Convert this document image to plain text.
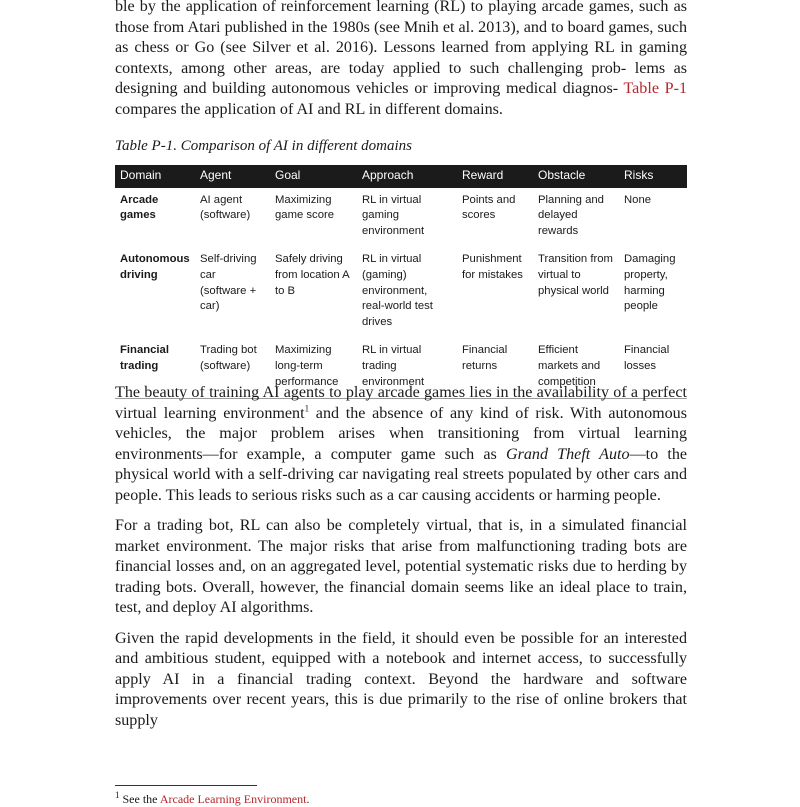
ble by the application of reinforcement learning (RL) to playing arcade games, such as those from Atari published in the 1980s (see Mnih et al. 2013), and to board games, such as chess or Go (see Silver et al. 2016). Lessons learned from applying RL in gaming contexts, among other areas, are today applied to such challenging prob- lems as designing and building autonomous vehicles or improving medical diagnos- Table P-1 compares the application of AI and RL in different domains.

Table P-1. Comparison of AI in different domains
Domain	Agent	Goal	Approach	Reward	Obstacle	Risks
Arcade games	AI agent (software)	Maximizing game score	RL in virtual gaming environment	Points and scores	Planning and delayed rewards	None
Autonomous driving	Self-driving car (software + car)	Safely driving from location A to B	RL in virtual (gaming) environment, real-world test drives	Punishment for mistakes	Transition from virtual to physical world	Damaging property, harming people
Financial trading	Trading bot (software)	Maximizing long-term performance	RL in virtual trading environment	Financial returns	Efficient markets and competition	Financial losses

The beauty of training AI agents to play arcade games lies in the availability of a perfect virtual learning environment$^1$ and the absence of any kind of risk. With autonomous vehicles, the major problem arises when transitioning from virtual learning environments—for example, a computer game such as Grand Theft Auto—to the physical world with a self-driving car navigating real streets populated by other cars and people. This leads to serious risks such as a car causing accidents or harming people.

For a trading bot, RL can also be completely virtual, that is, in a simulated financial market environment. The major risks that arise from malfunctioning trading bots are financial losses and, on an aggregated level, potential systematic risks due to herding by trading bots. Overall, however, the financial domain seems like an ideal place to train, test, and deploy AI algorithms.

Given the rapid developments in the field, it should even be possible for an interested and ambitious student, equipped with a notebook and internet access, to successfully apply AI in a financial trading context. Beyond the hardware and software improvements over recent years, this is due primarily to the rise of online brokers that supply

$^1$ See the Arcade Learning Environment.
